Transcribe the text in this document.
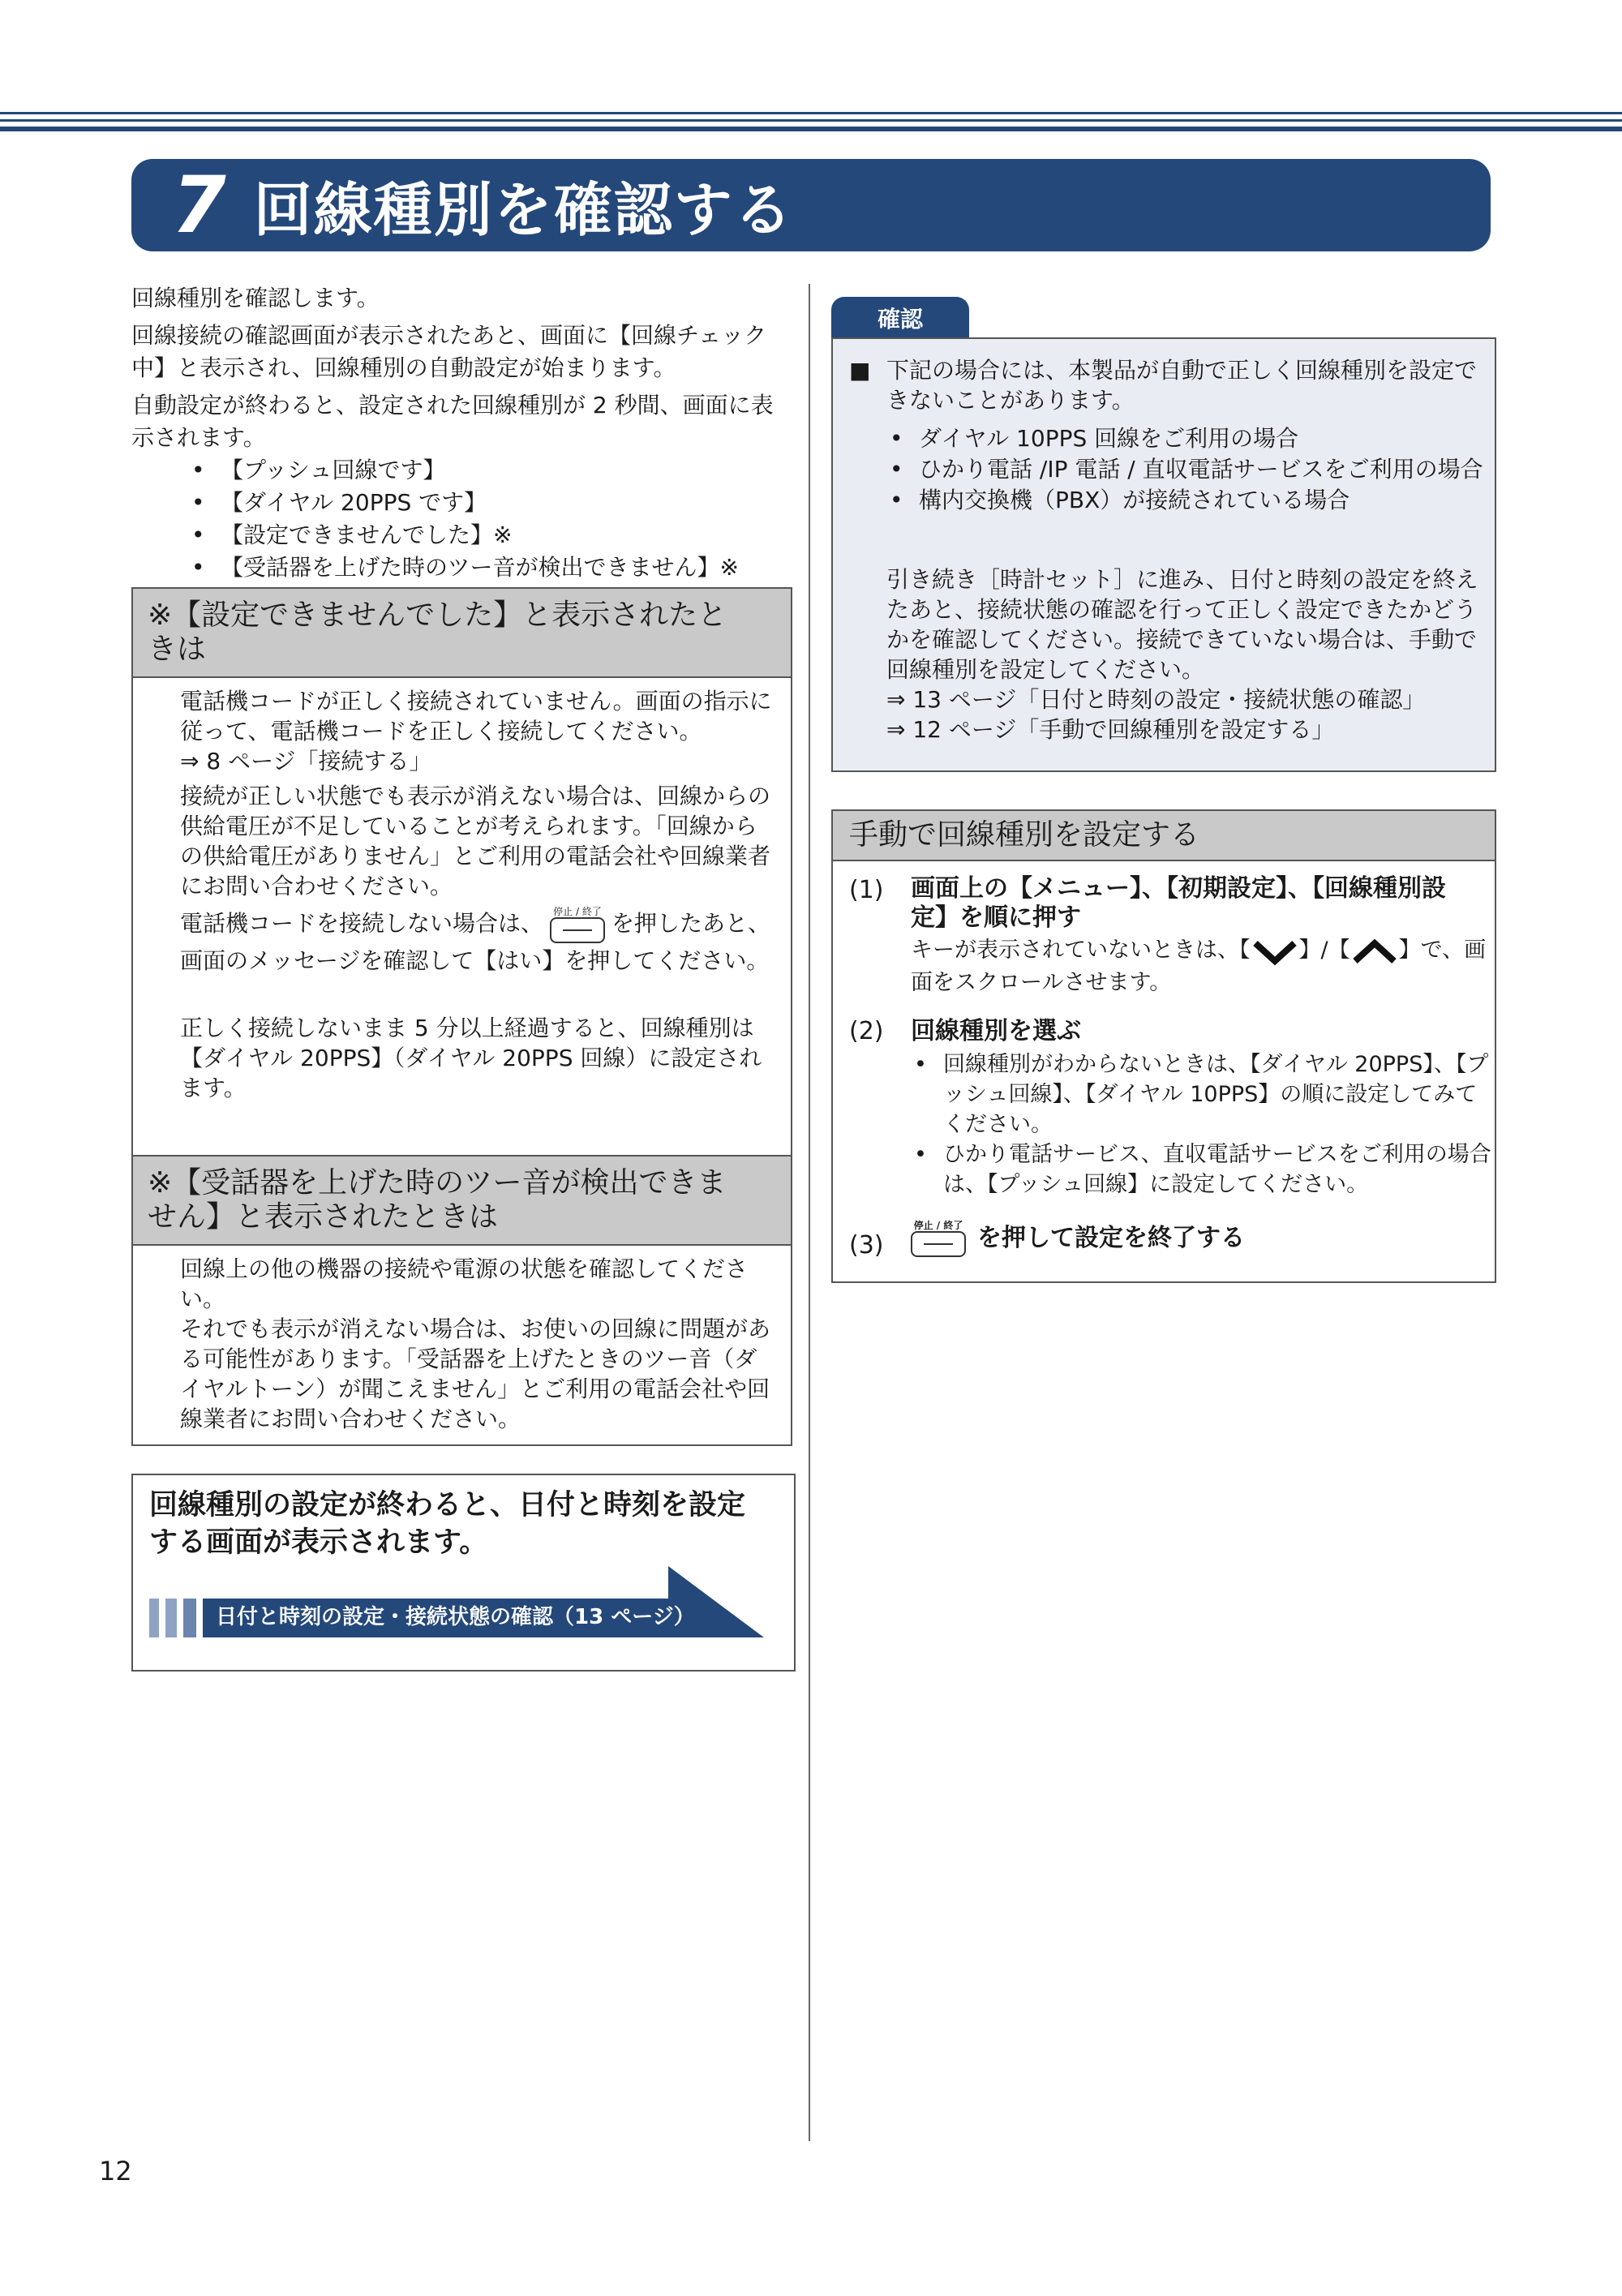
7 回線種別を確認する

回線種別を確認します。

回線接続の確認画面が表示されたあと、画面に【回線チェック中】と表示され、回線種別の自動設定が始まります。

自動設定が終わると、設定された回線種別が 2 秒間、画面に表示されます。

• 【プッシュ回線です】
• 【ダイヤル 20PPS です】
• 【設定できませんでした】※
• 【受話器を上げた時のツー音が検出できません】※
※【設定できませんでした】と表示されたと
きは

電話機コードが正しく接続されていません。画面の指示に従って、電話機コードを正しく接続してください。

⇒ 8 ページ「接続する」

接続が正しい状態でも表示が消えない場合は、回線からの供給電圧が不足していることが考えられます。「回線からの供給電圧がありません」とご利用の電話会社や回線業者にお問い合わせください。

電話機コードを接続しない場合は、 停止 / 終了 を押したあと、画面のメッセージを確認して【はい】を押してください。

正しく接続しないまま 5 分以上経過すると、回線種別は【ダイヤル 20PPS】（ダイヤル 20PPS 回線）に設定されます。

※【受話器を上げた時のツー音が検出できま
せん】と表示されたときは

回線上の他の機器の接続や電源の状態を確認してください。

それでも表示が消えない場合は、お使いの回線に問題がある可能性があります。「受話器を上げたときのツー音（ダイヤルトーン）が聞こえません」とご利用の電話会社や回線業者にお問い合わせください。

回線種別の設定が終わると、日付と時刻を設定する画面が表示されます。
日付と時刻の設定・接続状態の確認（13 ページ）
確認
■ 下記の場合には、本製品が自動で正しく回線種別を設定できないことがあります。
• ダイヤル 10PPS 回線をご利用の場合
• ひかり電話 /IP 電話 / 直収電話サービスをご利用の場合
• 構内交換機（PBX）が接続されている場合

引き続き［時計セット］に進み、日付と時刻の設定を終えたあと、接続状態の確認を行って正しく設定できたかどうかを確認してください。接続できていない場合は、手動で回線種別を設定してください。

⇒ 13 ページ「日付と時刻の設定・接続状態の確認」

⇒ 12 ページ「手動で回線種別を設定する」

手動で回線種別を設定する
(1) 画面上の【メニュー】、【初期設定】、【回線種別設定】を順に押す
キーが表示されていないときは、【 】/【 】で、画面をスクロールさせます。
(2) 回線種別を選ぶ
• 回線種別がわからないときは、【ダイヤル 20PPS】、【プッシュ回線】、【ダイヤル 10PPS】の順に設定してみてください。
• ひかり電話サービス、直収電話サービスをご利用の場合は、【プッシュ回線】に設定してください。
(3)
停止 / 終了 を押して設定を終了する
12
